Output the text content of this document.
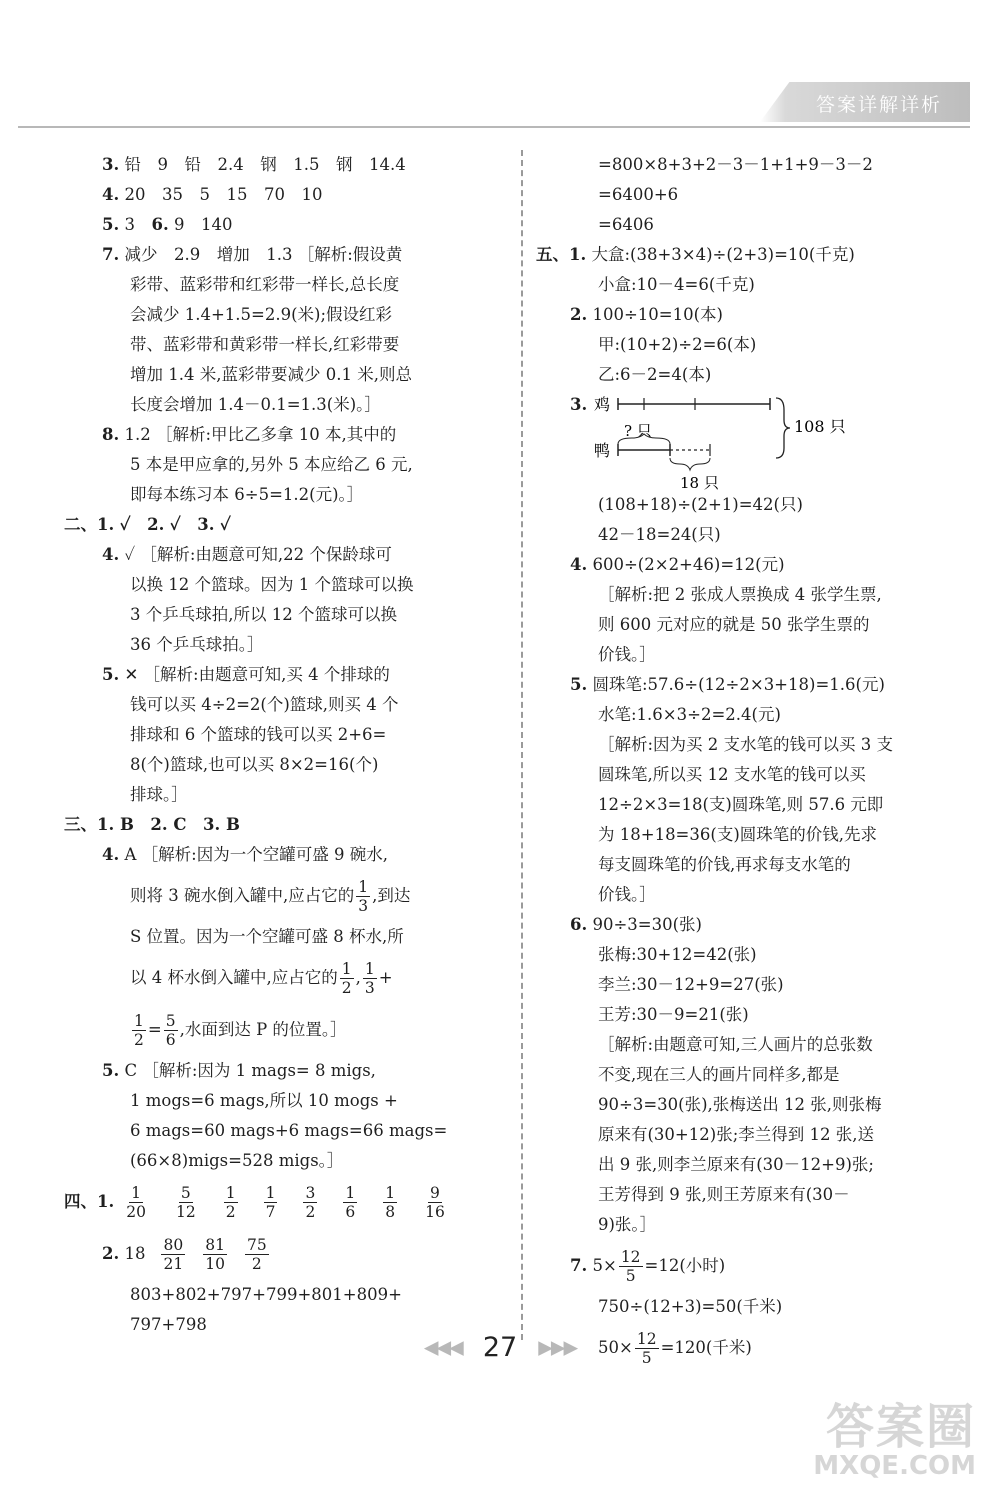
答案详解详析
3. 铅　9　铅　2.4　钢　1.5　钢　14.4
4. 20　35　5　15　70　10
5. 3　 6. 9　140
7. 减少　2.9　增加　1.3 ［解析:假设黄
彩带、蓝彩带和红彩带一样长,总长度
会减少 1.4+1.5=2.9(米);假设红彩
带、蓝彩带和黄彩带一样长,红彩带要
增加 1.4 米,蓝彩带要减少 0.1 米,则总
长度会增加 1.4－0.1=1.3(米)。］
8. 1.2 ［解析:甲比乙多拿 10 本,其中的
5 本是甲应拿的,另外 5 本应给乙 6 元,
即每本练习本 6÷5=1.2(元)。］
二、1. ✓　2. ✓　3. ✓
4. ✓ ［解析:由题意可知,22 个保龄球可
以换 12 个篮球。因为 1 个篮球可以换
3 个乒乓球拍,所以 12 个篮球可以换
36 个乒乓球拍。］
5. ✕ ［解析:由题意可知,买 4 个排球的
钱可以买 4÷2=2(个)篮球,则买 4 个
排球和 6 个篮球的钱可以买 2+6=
8(个)篮球,也可以买 8×2=16(个)
排球。］
三、1. B　2. C　3. B
4. A ［解析:因为一个空罐可盛 9 碗水,
则将 3 碗水倒入罐中,应占它的 $\frac{1}{3}$ ,到达
S 位置。因为一个空罐可盛 8 杯水,所
以 4 杯水倒入罐中,应占它的 $\frac{1}{2}$ , $\frac{1}{3}$ +
$\frac{1}{2} = \frac{5}{6}$ ,水面到达 P 的位置。］
5. C ［解析:因为 1 mags= 8 migs,
1 mogs=6 mags,所以 10 mogs +
6 mags=60 mags+6 mags=66 mags=
(66×8)migs=528 migs。］
四、 1. $\frac{1}{20} \frac{5}{12} \frac{1}{2} \frac{1}{7} \frac{3}{2} \frac{1}{6} \frac{1}{8} \frac{9}{16}$
2.
$18 \frac{80}{21} \frac{81}{10} \frac{75}{2}$
803+802+797+799+801+809+
797+798
=800×8+3+2－3－1+1+9－3－2
=6400+6
=6406
五、1. 大盒:(38+3×4)÷(2+3)=10(千克)
小盒:10－4=6(千克)
2. 100÷10=10(本)
甲:(10+2)÷2=6(本)
乙:6－2=4(本)
3. 鸡
? 只
鸭
18 只
108 只
(108+18)÷(2+1)=42(只)
42－18=24(只)
4. 600÷(2×2+46)=12(元)
［解析:把 2 张成人票换成 4 张学生票,
则 600 元对应的就是 50 张学生票的
价钱。］
5. 圆珠笔:57.6÷(12÷2×3+18)=1.6(元)
水笔:1.6×3÷2=2.4(元)
［解析:因为买 2 支水笔的钱可以买 3 支
圆珠笔,所以买 12 支水笔的钱可以买
12÷2×3=18(支)圆珠笔,则 57.6 元即
为 18+18=36(支)圆珠笔的价钱,先求
每支圆珠笔的价钱,再求每支水笔的
价钱。］
6. 90÷3=30(张)
张梅:30+12=42(张)
李兰:30－12+9=27(张)
王芳:30－9=21(张)
［解析:由题意可知,三人画片的总张数
不变,现在三人的画片同样多,都是
90÷3=30(张),张梅送出 12 张,则张梅
原来有(30+12)张;李兰得到 12 张,送
出 9 张,则李兰原来有(30－12+9)张;
王芳得到 9 张,则王芳原来有(30－
9)张。］
7.
$5\times \frac{12}{5} =12$(小时)
750÷(12+3)=50(千米)
$50\times \frac{12}{5} =120$(千米)
◀◀◀ 27 ▶▶▶
答案圈
MXQE.COM
